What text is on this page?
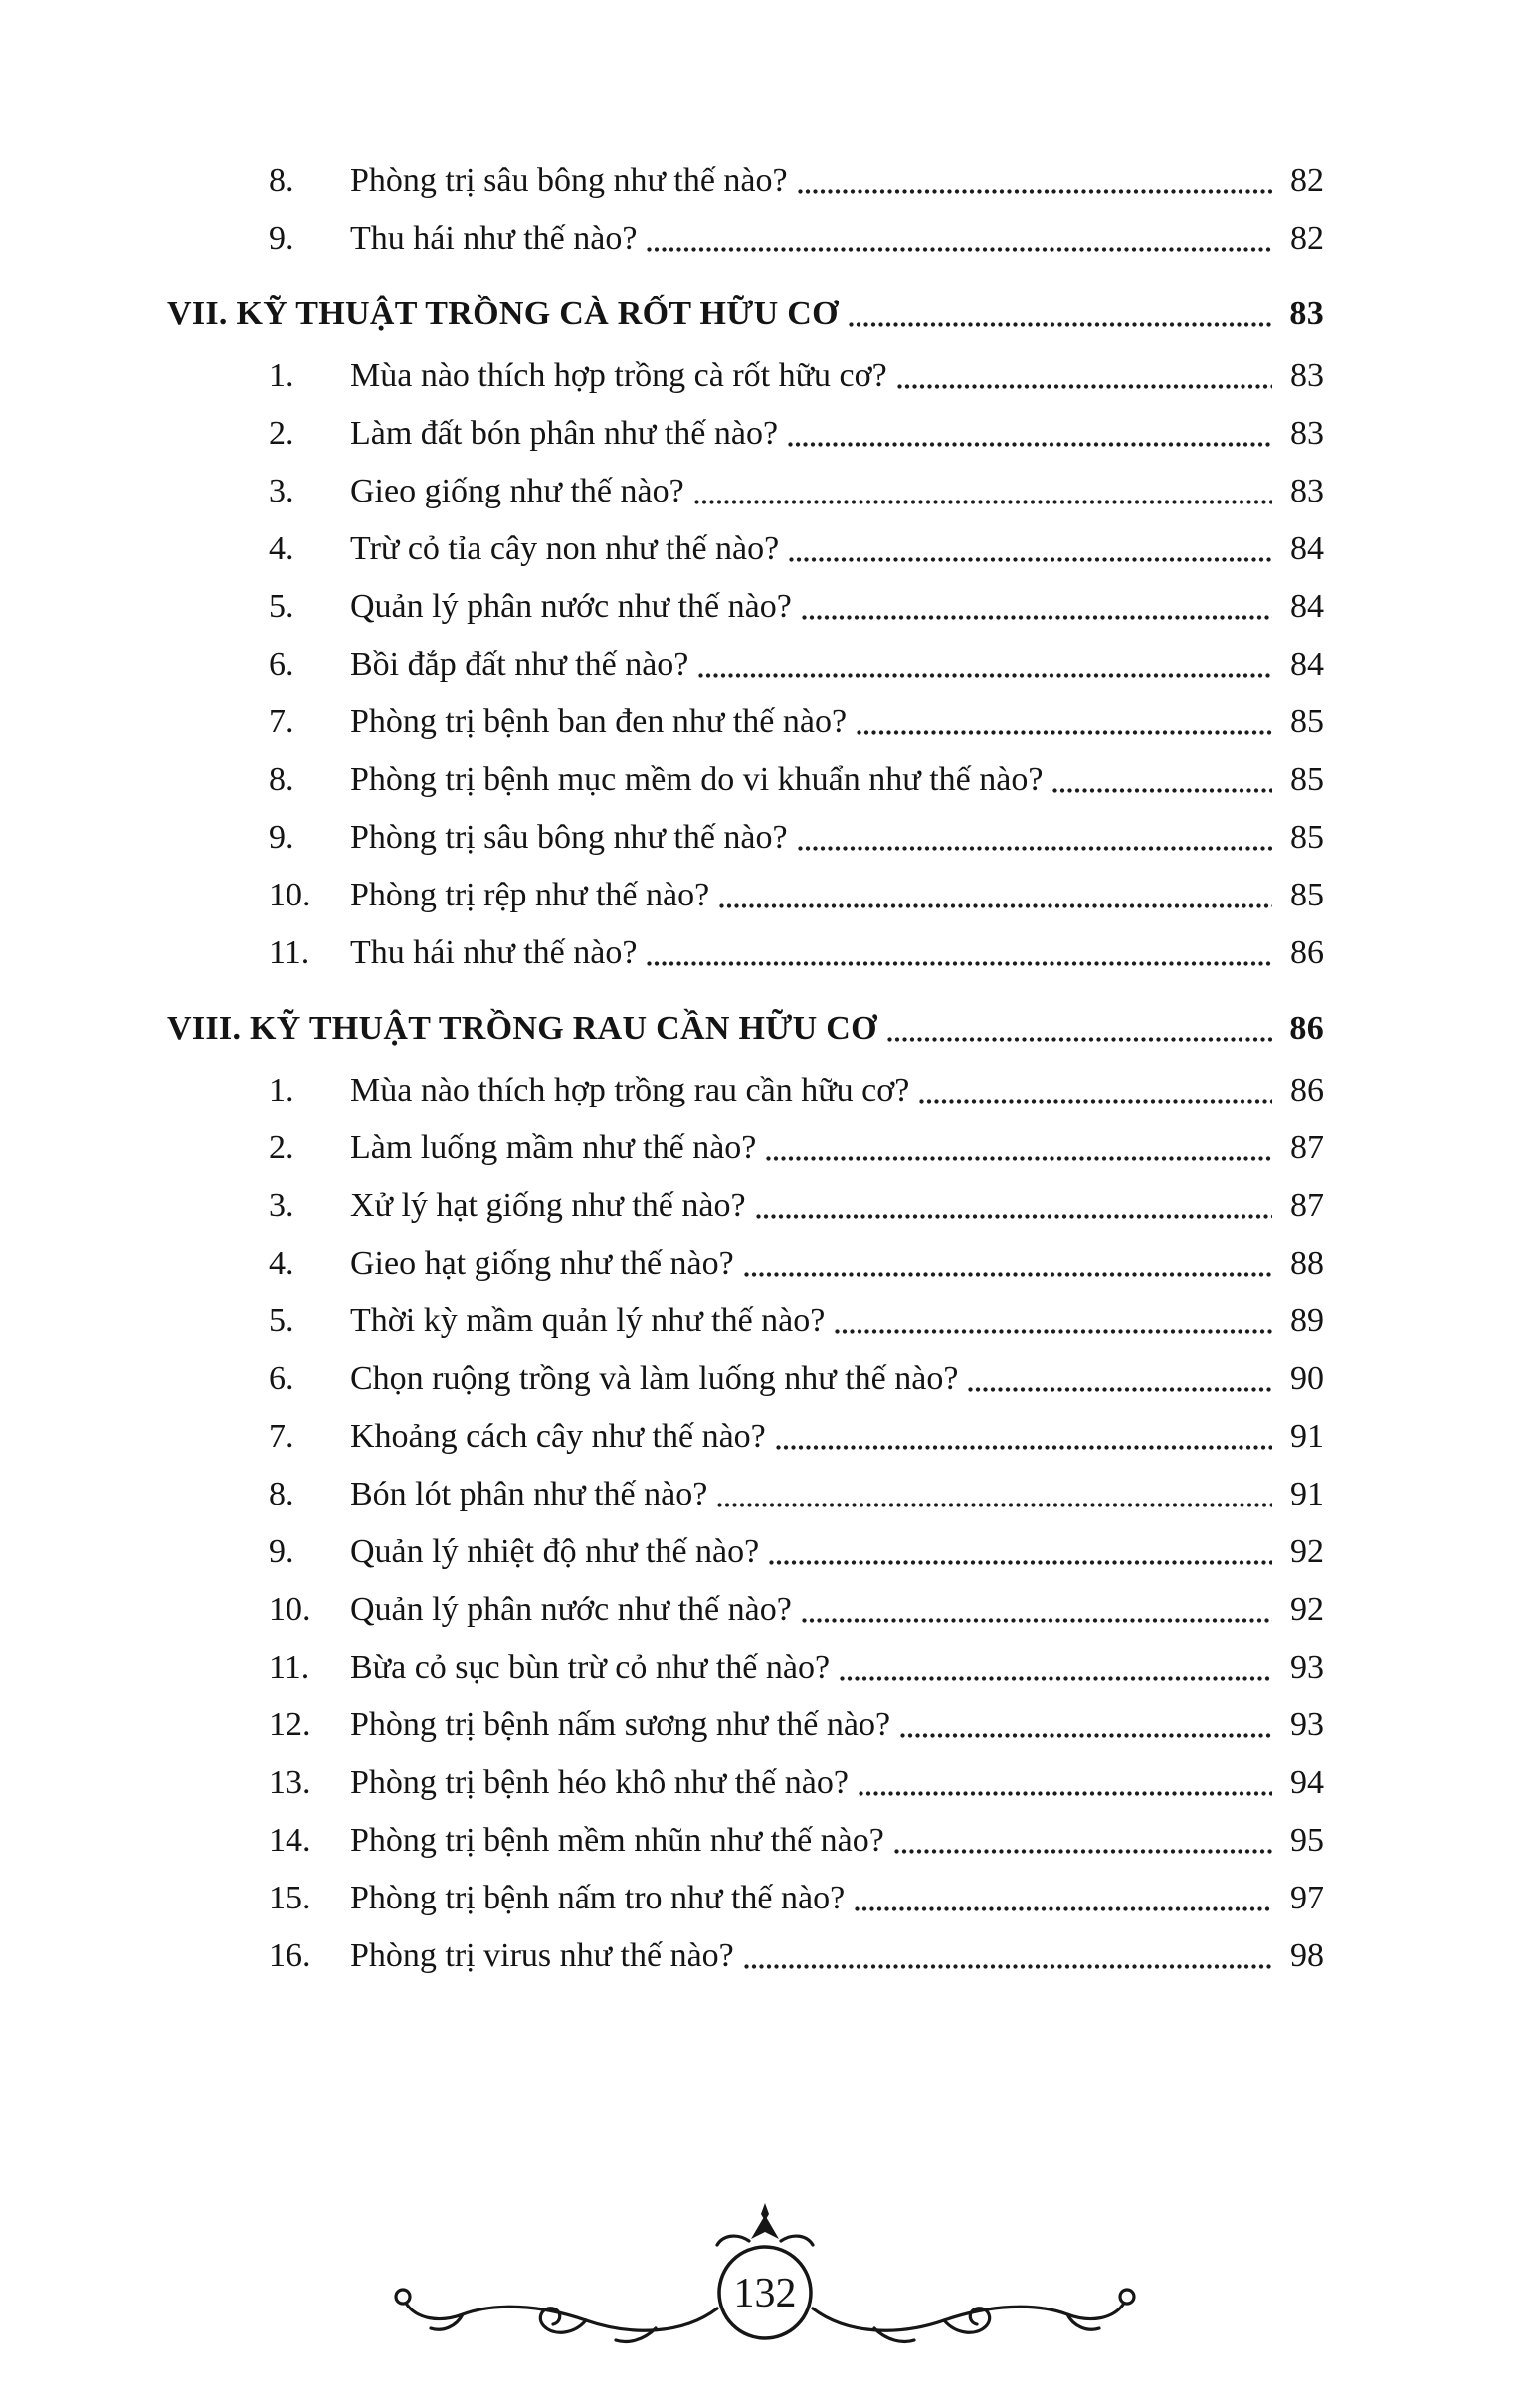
8.	Phòng trị sâu bông như thế nào?	82
9.	Thu hái như thế nào?	82
VII. KỸ THUẬT TRỒNG CÀ RỐT HỮU CƠ	83
1.	Mùa nào thích hợp trồng cà rốt hữu cơ?	83
2.	Làm đất bón phân như thế nào?	83
3.	Gieo giống như thế nào?	83
4.	Trừ cỏ tỉa cây non như thế nào?	84
5.	Quản lý phân nước như thế nào?	84
6.	Bồi đắp đất như thế nào?	84
7.	Phòng trị bệnh ban đen như thế nào?	85
8.	Phòng trị bệnh mục mềm do vi khuẩn như thế nào?	85
9.	Phòng trị sâu bông như thế nào?	85
10.	Phòng trị rệp như thế nào?	85
11.	Thu hái như thế nào?	86
VIII. KỸ THUẬT TRỒNG RAU CẦN HỮU CƠ	86
1.	Mùa nào thích hợp trồng rau cần hữu cơ?	86
2.	Làm luống mầm như thế nào?	87
3.	Xử lý hạt giống như thế nào?	87
4.	Gieo hạt giống như thế nào?	88
5.	Thời kỳ mầm quản lý như thế nào?	89
6.	Chọn ruộng trồng và làm luống như thế nào?	90
7.	Khoảng cách cây như thế nào?	91
8.	Bón lót phân như thế nào?	91
9.	Quản lý nhiệt độ như thế nào?	92
10.	Quản lý phân nước như thế nào?	92
11.	Bừa cỏ sục bùn trừ cỏ như thế nào?	93
12.	Phòng trị bệnh nấm sương như thế nào?	93
13.	Phòng trị bệnh héo khô như thế nào?	94
14.	Phòng trị bệnh mềm nhũn như thế nào?	95
15.	Phòng trị bệnh nấm tro như thế nào?	97
16.	Phòng trị virus như thế nào?	98
132
